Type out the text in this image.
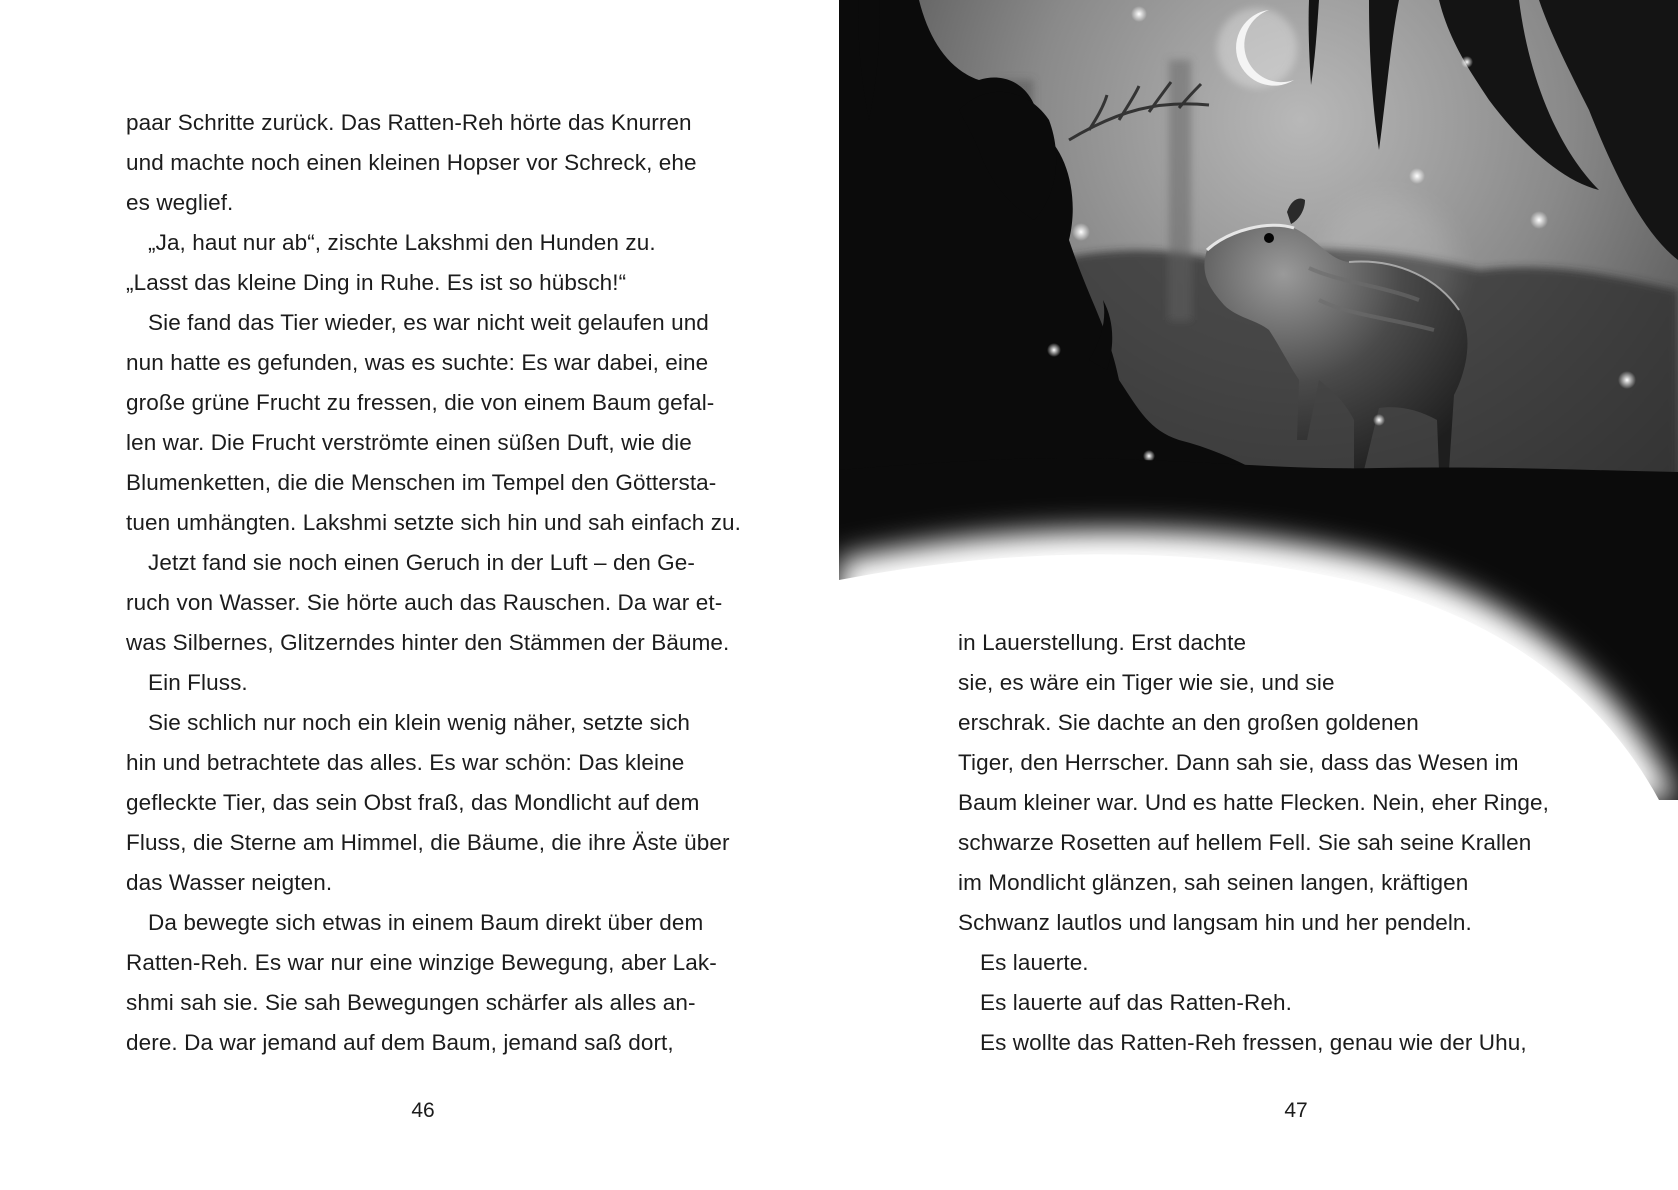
paar Schritte zurück. Das Ratten-Reh hörte das Knurren
und machte noch einen kleinen Hopser vor Schreck, ehe
es weglief.
„Ja, haut nur ab“, zischte Lakshmi den Hunden zu.
„Lasst das kleine Ding in Ruhe. Es ist so hübsch!“
Sie fand das Tier wieder, es war nicht weit gelaufen und
nun hatte es gefunden, was es suchte: Es war dabei, eine
große grüne Frucht zu fressen, die von einem Baum gefal-
len war. Die Frucht verströmte einen süßen Duft, wie die
Blumenketten, die die Menschen im Tempel den Göttersta-
tuen umhängten. Lakshmi setzte sich hin und sah einfach zu.
Jetzt fand sie noch einen Geruch in der Luft – den Ge-
ruch von Wasser. Sie hörte auch das Rauschen. Da war et-
was Silbernes, Glitzerndes hinter den Stämmen der Bäume.
Ein Fluss.
Sie schlich nur noch ein klein wenig näher, setzte sich
hin und betrachtete das alles. Es war schön: Das kleine
gefleckte Tier, das sein Obst fraß, das Mondlicht auf dem
Fluss, die Sterne am Himmel, die Bäume, die ihre Äste über
das Wasser neigten.
Da bewegte sich etwas in einem Baum direkt über dem
Ratten-Reh. Es war nur eine winzige Bewegung, aber Lak-
shmi sah sie. Sie sah Bewegungen schärfer als alles an-
dere. Da war jemand auf dem Baum, jemand saß dort,
46
in Lauerstellung. Erst dachte
sie, es wäre ein Tiger wie sie, und sie
erschrak. Sie dachte an den großen goldenen
Tiger, den Herrscher. Dann sah sie, dass das Wesen im
Baum kleiner war. Und es hatte Flecken. Nein, eher Ringe,
schwarze Rosetten auf hellem Fell. Sie sah seine Krallen
im Mondlicht glänzen, sah seinen langen, kräftigen
Schwanz lautlos und langsam hin und her pendeln.
Es lauerte.
Es lauerte auf das Ratten-Reh.
Es wollte das Ratten-Reh fressen, genau wie der Uhu,
47
